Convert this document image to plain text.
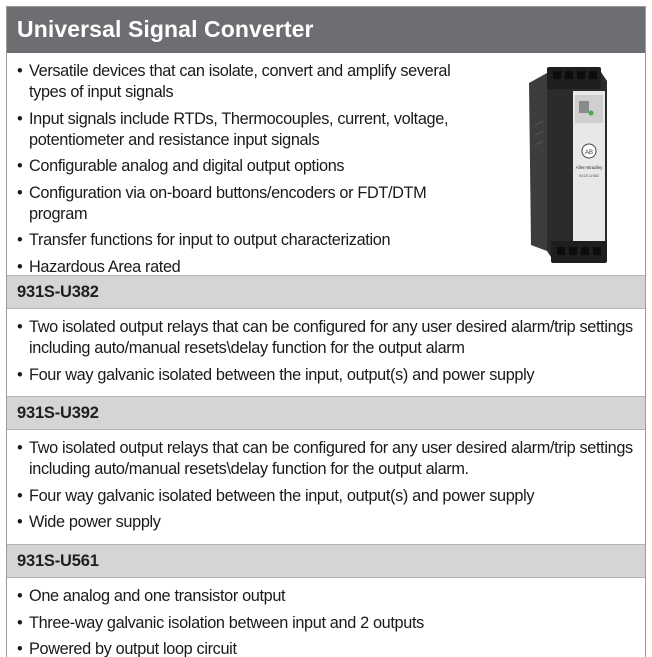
Universal Signal Converter
• Versatile devices that can isolate, convert and amplify several types of input signals
• Input signals include RTDs, Thermocouples, current, voltage, potentiometer and resistance input signals
• Configurable analog and digital output options
• Configuration via on-board buttons/encoders or FDT/DTM program
• Transfer functions for input to output characterization
• Hazardous Area rated
AB
Allen-Bradley
931S-U382
931S-U382
• Two isolated output relays that can be configured for any user desired alarm/trip settings including auto/manual resets\delay function for the output alarm
• Four way galvanic isolated between the input, output(s) and power supply
931S-U392
• Two isolated output relays that can be configured for any user desired alarm/trip settings including auto/manual resets\delay function for the output alarm.
• Four way galvanic isolated between the input, output(s) and power supply
• Wide power supply
931S-U561
• One analog and one transistor output
• Three-way galvanic isolation between input and 2 outputs
• Powered by output loop circuit
